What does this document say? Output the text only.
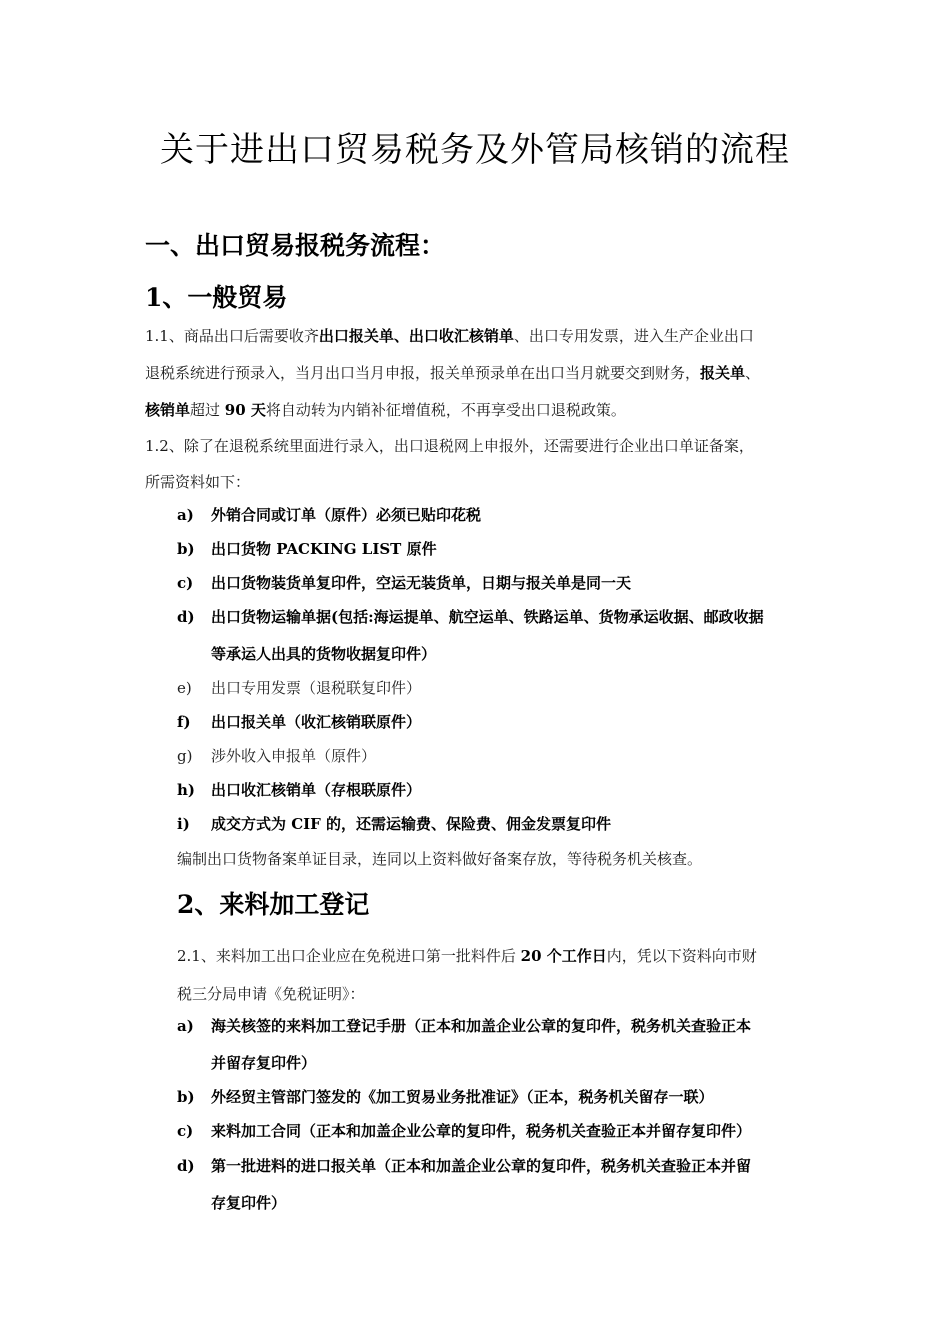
关于进出口贸易税务及外管局核销的流程
一、出口贸易报税务流程：
1、一般贸易
1.1、商品出口后需要收齐出口报关单、出口收汇核销单、出口专用发票，进入生产企业出口
退税系统进行预录入，当月出口当月申报，报关单预录单在出口当月就要交到财务，报关单、
核销单超过 90 天将自动转为内销补征增值税，不再享受出口退税政策。
1.2、除了在退税系统里面进行录入，出口退税网上申报外，还需要进行企业出口单证备案，
所需资料如下：
a)	外销合同或订单（原件）必须已贴印花税
b)	出口货物 PACKING LIST 原件
c)	出口货物装货单复印件，空运无装货单，日期与报关单是同一天
d)	出口货物运输单据(包括:海运提单、航空运单、铁路运单、货物承运收据、邮政收据
等承运人出具的货物收据复印件）
e)	出口专用发票（退税联复印件）
f)	出口报关单（收汇核销联原件）
g)	涉外收入申报单（原件）
h)	出口收汇核销单（存根联原件）
i)	成交方式为 CIF 的，还需运输费、保险费、佣金发票复印件
编制出口货物备案单证目录，连同以上资料做好备案存放，等待税务机关核查。
2、来料加工登记
2.1、来料加工出口企业应在免税进口第一批料件后 20 个工作日内，凭以下资料向市财
税三分局申请《免税证明》：
a)	海关核签的来料加工登记手册（正本和加盖企业公章的复印件，税务机关查验正本
并留存复印件）
b)	外经贸主管部门签发的《加工贸易业务批准证》（正本，税务机关留存一联）
c)	来料加工合同（正本和加盖企业公章的复印件，税务机关查验正本并留存复印件）
d)	第一批进料的进口报关单（正本和加盖企业公章的复印件，税务机关查验正本并留
存复印件）
